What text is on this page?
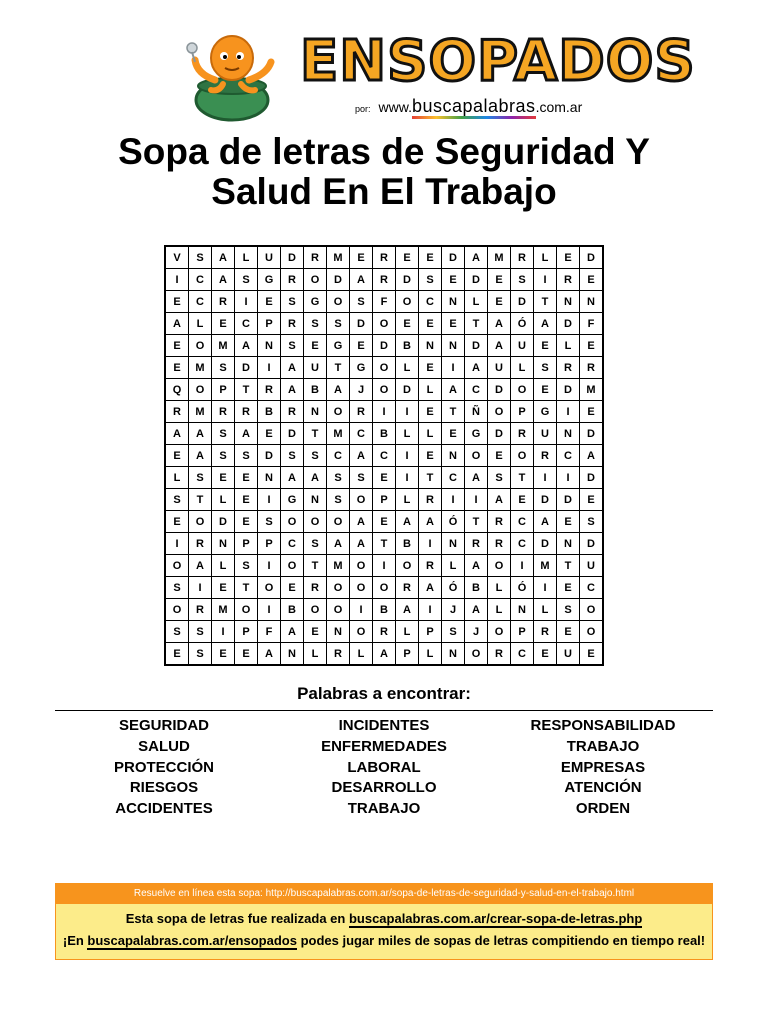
ENSOPADOS
por: www.buscapalabras.com.ar
Sopa de letras de Seguridad Y
Salud En El Trabajo
V	S	A	L	U	D	R	M	E	R	E	E	D	A	M	R	L	E	D
I	C	A	S	G	R	O	D	A	R	D	S	E	D	E	S	I	R	E
E	C	R	I	E	S	G	O	S	F	O	C	N	L	E	D	T	N	N
A	L	E	C	P	R	S	S	D	O	E	E	E	T	A	Ó	A	D	F
E	O	M	A	N	S	E	G	E	D	B	N	N	D	A	U	E	L	E
E	M	S	D	I	A	U	T	G	O	L	E	I	A	U	L	S	R	R
Q	O	P	T	R	A	B	A	J	O	D	L	A	C	D	O	E	D	M
R	M	R	R	B	R	N	O	R	I	I	E	T	Ñ	O	P	G	I	E
A	A	S	A	E	D	T	M	C	B	L	L	E	G	D	R	U	N	D
E	A	S	S	D	S	S	C	A	C	I	E	N	O	E	O	R	C	A
L	S	E	E	N	A	A	S	S	E	I	T	C	A	S	T	I	I	D
S	T	L	E	I	G	N	S	O	P	L	R	I	I	A	E	D	D	E
E	O	D	E	S	O	O	O	A	E	A	A	Ó	T	R	C	A	E	S
I	R	N	P	P	C	S	A	A	T	B	I	N	R	R	C	D	N	D
O	A	L	S	I	O	T	M	O	I	O	R	L	A	O	I	M	T	U
S	I	E	T	O	E	R	O	O	O	R	A	Ó	B	L	Ó	I	E	C
O	R	M	O	I	B	O	O	I	B	A	I	J	A	L	N	L	S	O
S	S	I	P	F	A	E	N	O	R	L	P	S	J	O	P	R	E	O
E	S	E	E	A	N	L	R	L	A	P	L	N	O	R	C	E	U	E
Palabras a encontrar:
SEGURIDAD
SALUD
PROTECCIÓN
RIESGOS
ACCIDENTES
INCIDENTES
ENFERMEDADES
LABORAL
DESARROLLO
TRABAJO
RESPONSABILIDAD
TRABAJO
EMPRESAS
ATENCIÓN
ORDEN
Resuelve en línea esta sopa: http://buscapalabras.com.ar/sopa-de-letras-de-seguridad-y-salud-en-el-trabajo.html
Esta sopa de letras fue realizada en buscapalabras.com.ar/crear-sopa-de-letras.php
¡En buscapalabras.com.ar/ensopados podes jugar miles de sopas de letras compitiendo en tiempo real!
